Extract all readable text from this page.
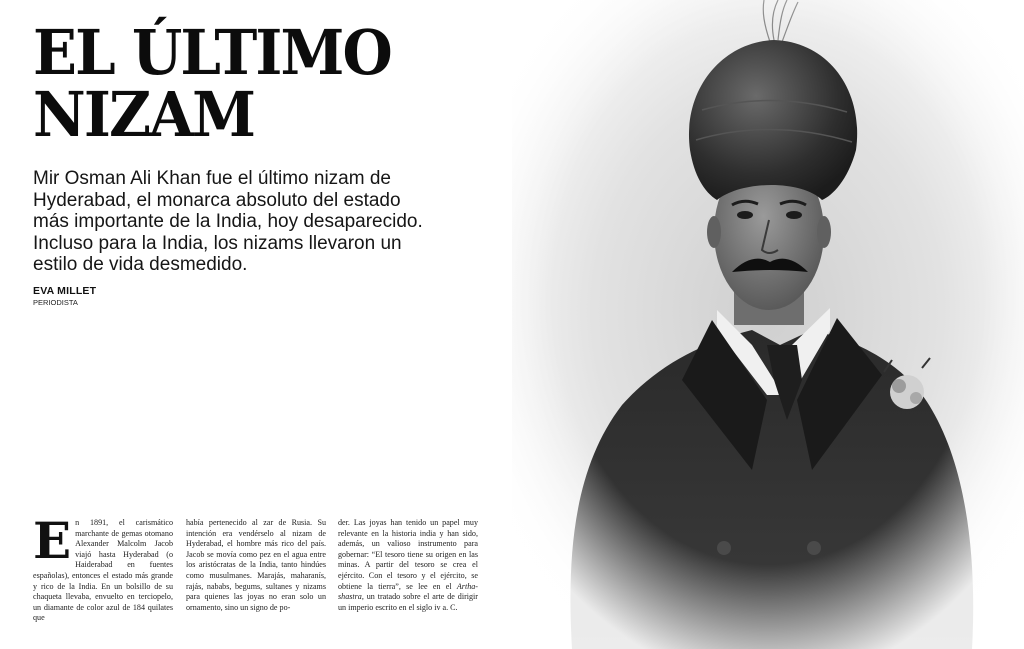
EL ÚLTIMO
NIZAM

Mir Osman Ali Khan fue el último nizam de Hyderabad, el monarca absoluto del estado más importante de la India, hoy desaparecido. Incluso para la India, los nizams llevaron un estilo de vida desmedido.

EVA MILLET
PERIODISTA

En 1891, el carismático marchante de gemas otomano Alexander Malcolm Jacob viajó hasta Hyderabad (o Haiderabad en fuentes españolas), entonces el estado más grande y rico de la India. En un bolsillo de su chaqueta llevaba, envuelto en terciopelo, un diamante de color azul de 184 quilates que

había pertenecido al zar de Rusia. Su intención era vendérselo al nizam de Hyderabad, el hombre más rico del país. Jacob se movía como pez en el agua entre los aristócratas de la India, tanto hindúes como musulmanes. Marajás, maharanís, rajás, nababs, begums, sultanes y nizams para quienes las joyas no eran solo un ornamento, sino un signo de po-

der. Las joyas han tenido un papel muy relevante en la historia india y han sido, además, un valioso instrumento para gobernar: “El tesoro tiene su origen en las minas. A partir del tesoro se crea el ejército. Con el tesoro y el ejército, se obtiene la tierra”, se lee en el Artha-shastra, un tratado sobre el arte de dirigir un imperio escrito en el siglo iv a. C.
